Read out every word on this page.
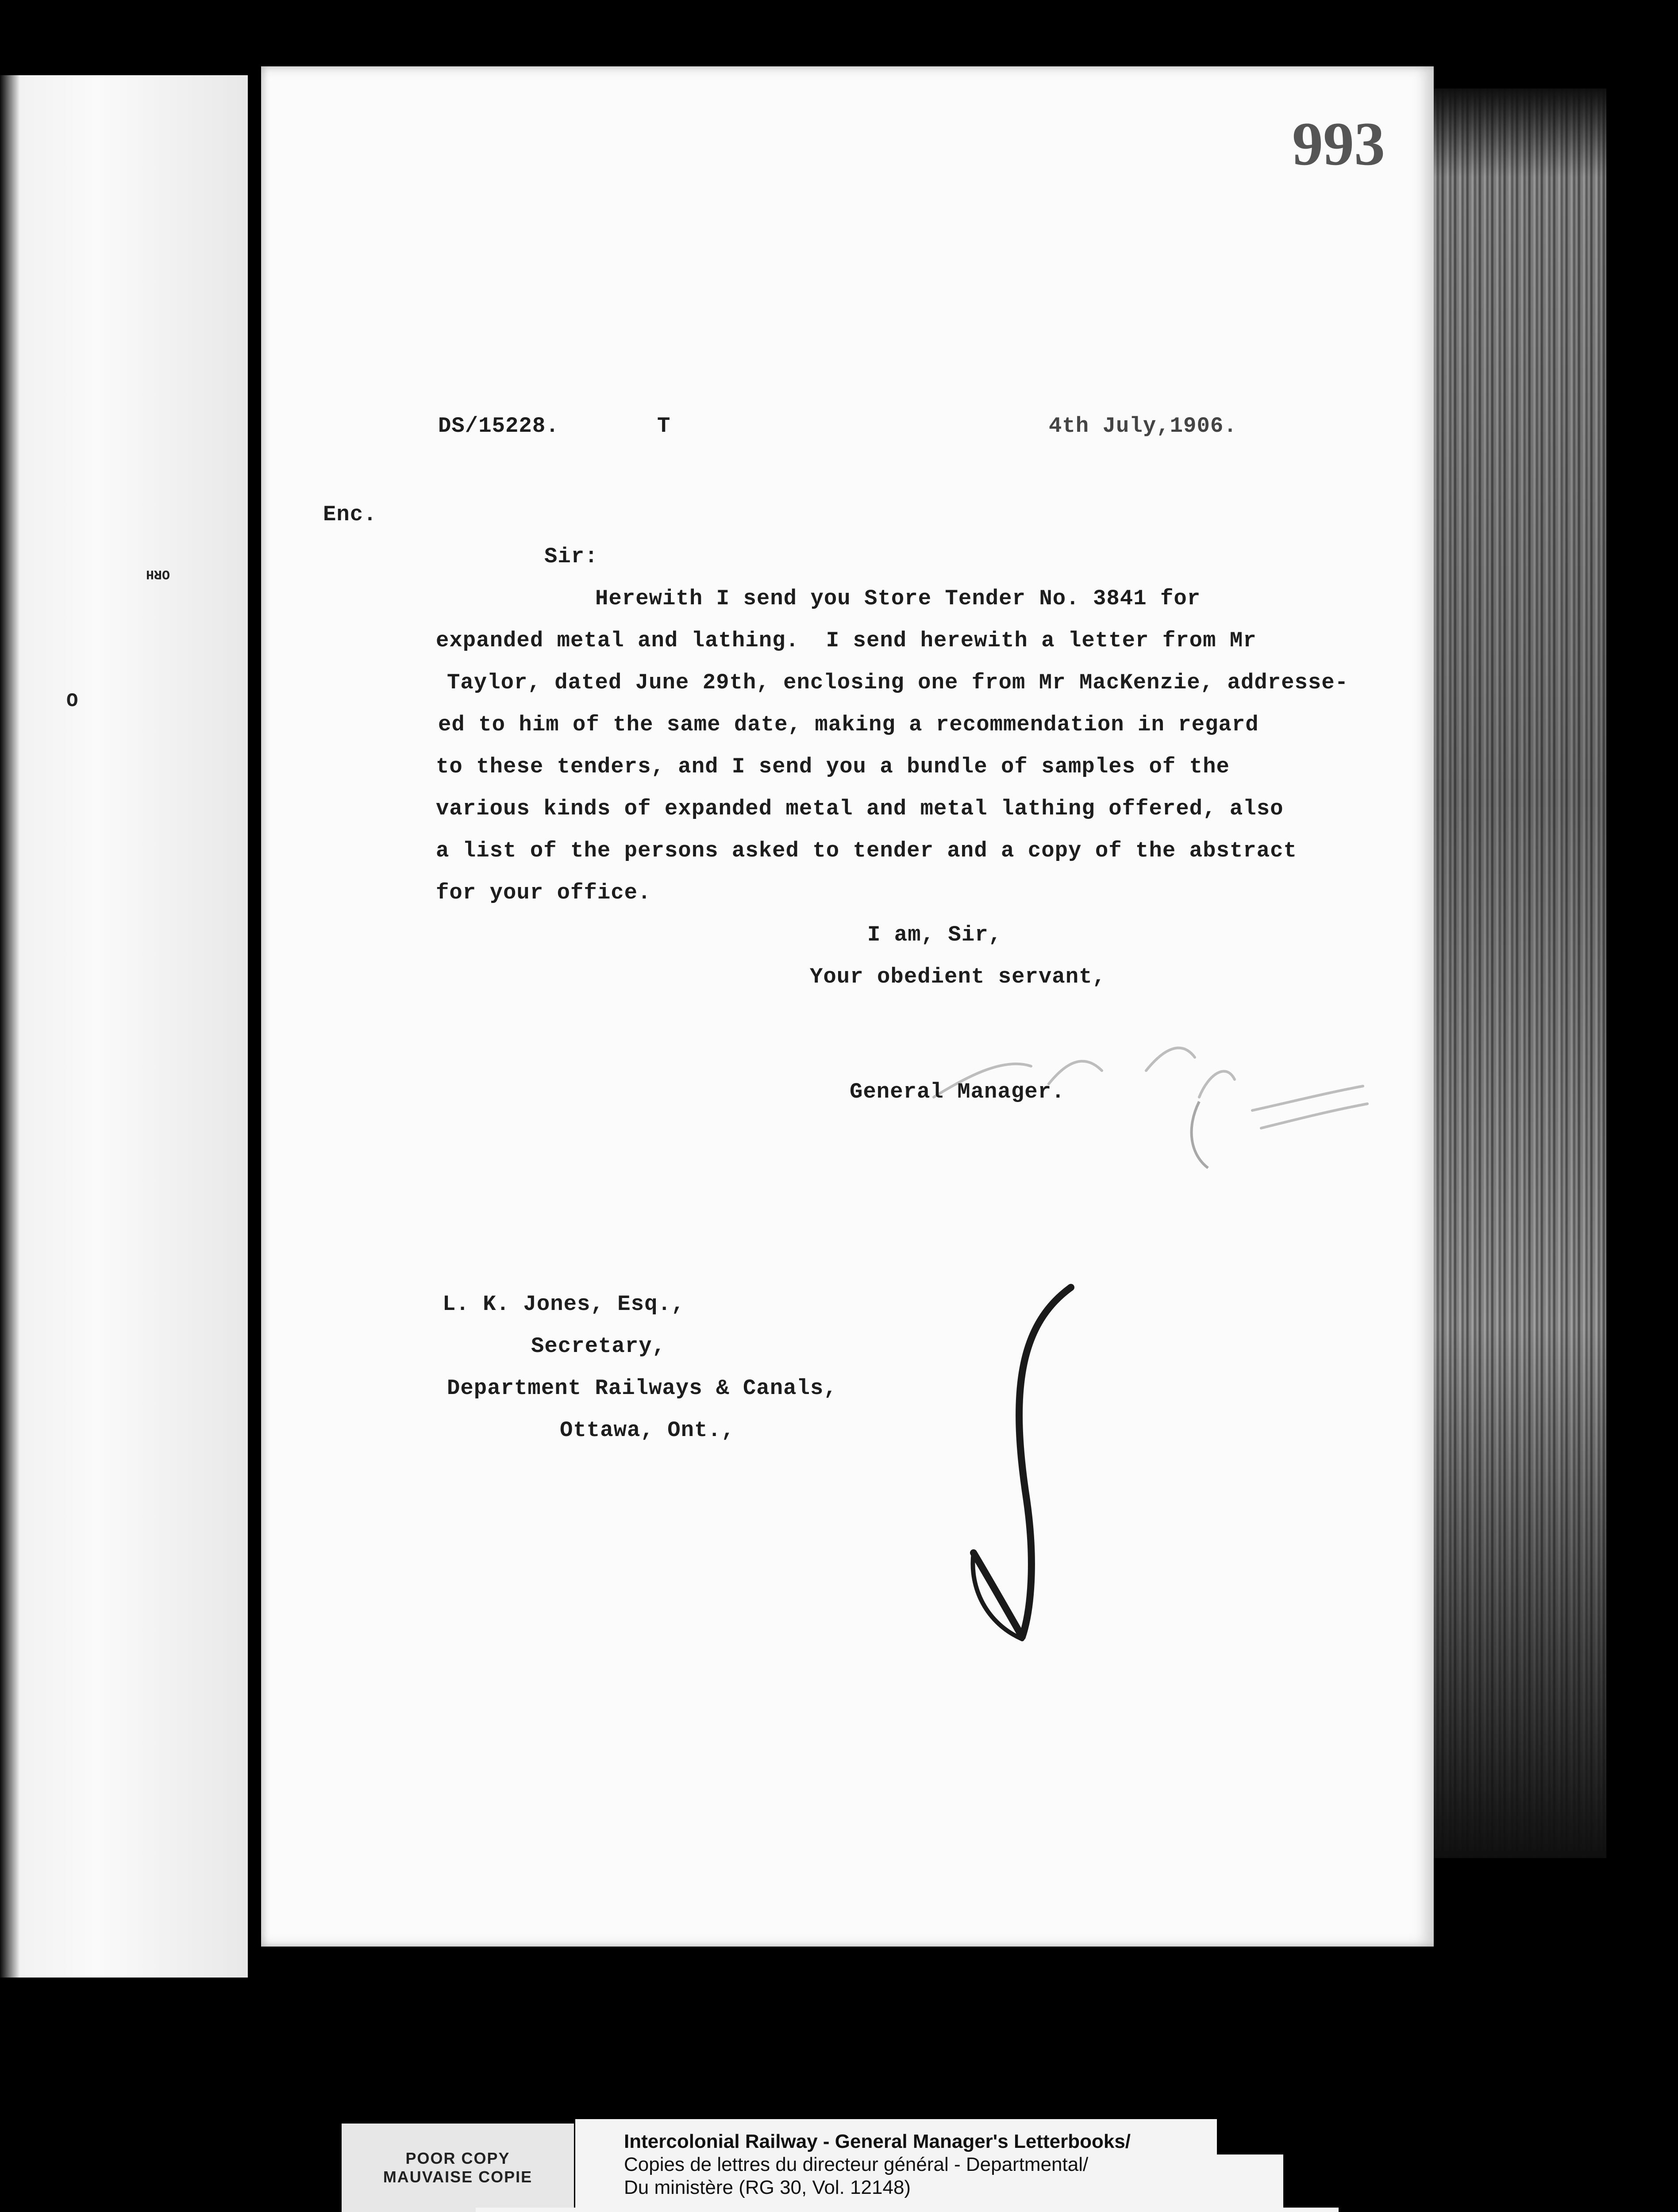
ORH
O
993
DS/15228.	T	4th July,1906.
Enc.
Sir:
Herewith I send you Store Tender No. 3841 for
expanded metal and lathing.  I send herewith a letter from Mr
Taylor, dated June 29th, enclosing one from Mr MacKenzie, addresse-
ed to him of the same date, making a recommendation in regard
to these tenders, and I send you a bundle of samples of the
various kinds of expanded metal and metal lathing offered, also
a list of the persons asked to tender and a copy of the abstract
for your office.
I am, Sir,
Your obedient servant,
General Manager.
L. K. Jones, Esq.,
Secretary,
Department Railways & Canals,
Ottawa, Ont.,
POOR COPY
MAUVAISE COPIE
Intercolonial Railway - General Manager's Letterbooks/
Copies de lettres du directeur général - Departmental/
Du ministère (RG 30, Vol. 12148)
